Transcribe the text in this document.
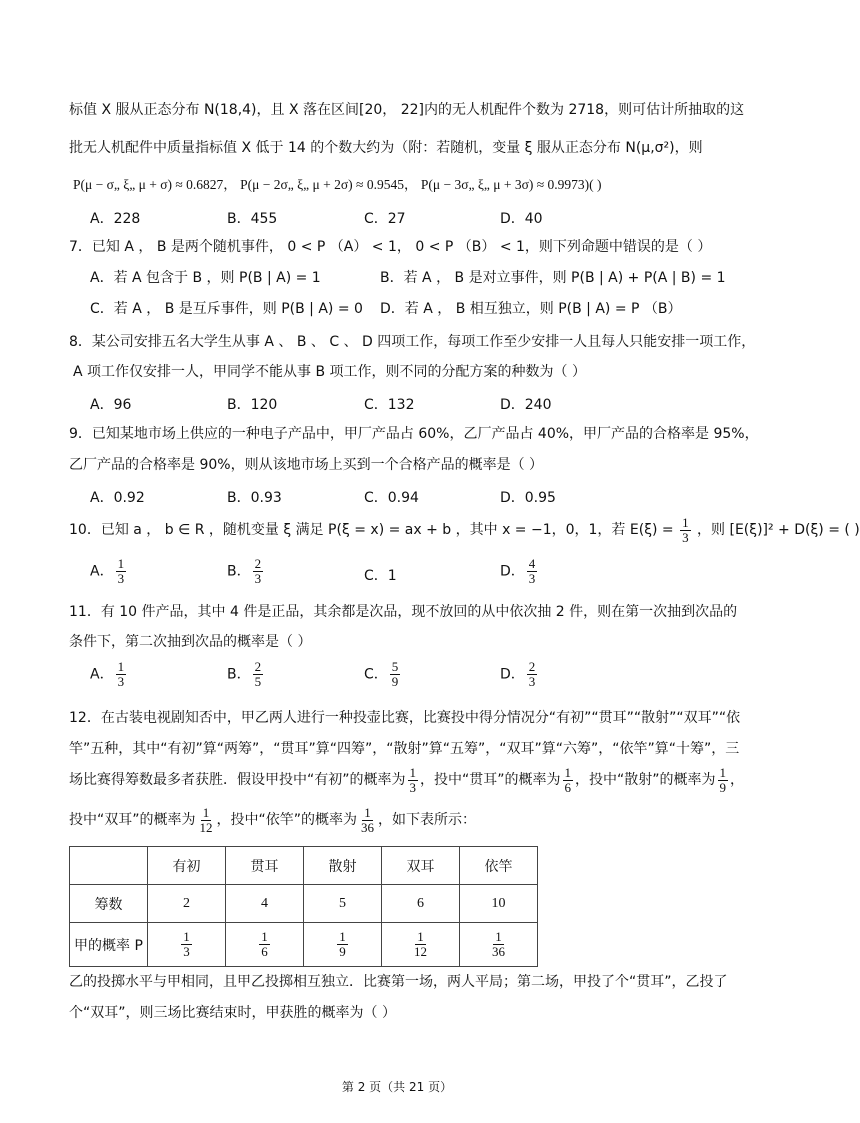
标值 X 服从正态分布 N(18,4)，且 X 落在区间[20， 22]内的无人机配件个数为 2718，则可估计所抽取的这
批无人机配件中质量指标值 X 低于 14 的个数大约为（附：若随机，变量 ξ 服从正态分布 N(μ,σ²)，则
P(μ − σ„ ξ„ μ + σ) ≈ 0.6827， P(μ − 2σ„ ξ„ μ + 2σ) ≈ 0.9545， P(μ − 3σ„ ξ„ μ + 3σ) ≈ 0.9973)( )
A．228	B．455	C．27	D．40
7．已知 A ， B 是两个随机事件， 0 < P （A） < 1， 0 < P （B） < 1，则下列命题中错误的是（ ）
A．若 A 包含于 B ，则 P(B | A) = 1	B．若 A ， B 是对立事件，则 P(B | A) + P(A | B) = 1
C．若 A ， B 是互斥事件，则 P(B | A) = 0 D．若 A ， B 相互独立，则 P(B | A) = P （B）
8．某公司安排五名大学生从事 A 、 B 、 C 、 D 四项工作，每项工作至少安排一人且每人只能安排一项工作，
A 项工作仅安排一人，甲同学不能从事 B 项工作，则不同的分配方案的种数为（ ）
A．96	B．120	C．132	D．240
9．已知某地市场上供应的一种电子产品中，甲厂产品占 60%，乙厂产品占 40%，甲厂产品的合格率是 95%，
乙厂产品的合格率是 90%，则从该地市场上买到一个合格产品的概率是（ ）
A．0.92	B．0.93	C．0.94	D．0.95
10．已知 a ， b ∈ R ，随机变量 ξ 满足 P(ξ = x) = ax + b ，其中 x = −1，0，1，若 $E(\xi) = \frac{1}{3}$ ，则 [E(ξ)]² + D(ξ) = ( )
A． $\frac{1}{3}$	B． $\frac{2}{3}$	C．1	D． $\frac{4}{3}$
11．有 10 件产品，其中 4 件是正品，其余都是次品，现不放回的从中依次抽 2 件，则在第一次抽到次品的
条件下，第二次抽到次品的概率是（ ）
A． $\frac{1}{3}$	B． $\frac{2}{5}$	C． $\frac{5}{9}$	D． $\frac{2}{3}$
12．在古装电视剧知否中，甲乙两人进行一种投壶比赛，比赛投中得分情况分“有初”“贯耳”“散射”“双耳”“依
竿”五种，其中“有初”算“两筹”，“贯耳”算“四筹”，“散射”算“五筹”，“双耳”算“六筹”，“依竿”算“十筹”，三
场比赛得筹数最多者获胜．假设甲投中“有初”的概率为 $\frac{1}{3}$ ，投中“贯耳”的概率为 $\frac{1}{6}$ ，投中“散射”的概率为 $\frac{1}{9}$ ，
投中“双耳”的概率为 $\frac{1}{12}$ ，投中“依竿”的概率为 $\frac{1}{36}$ ，如下表所示：
	有初	贯耳	散射	双耳	依竿
筹数	2	4	5	6	10
甲的概率 P	$\frac{1}{3}$	$\frac{1}{6}$	$\frac{1}{9}$	$\frac{1}{12}$	$\frac{1}{36}$
乙的投掷水平与甲相同，且甲乙投掷相互独立．比赛第一场，两人平局；第二场，甲投了个“贯耳”，乙投了
个“双耳”，则三场比赛结束时，甲获胜的概率为（ ）
第 2 页（共 21 页）
